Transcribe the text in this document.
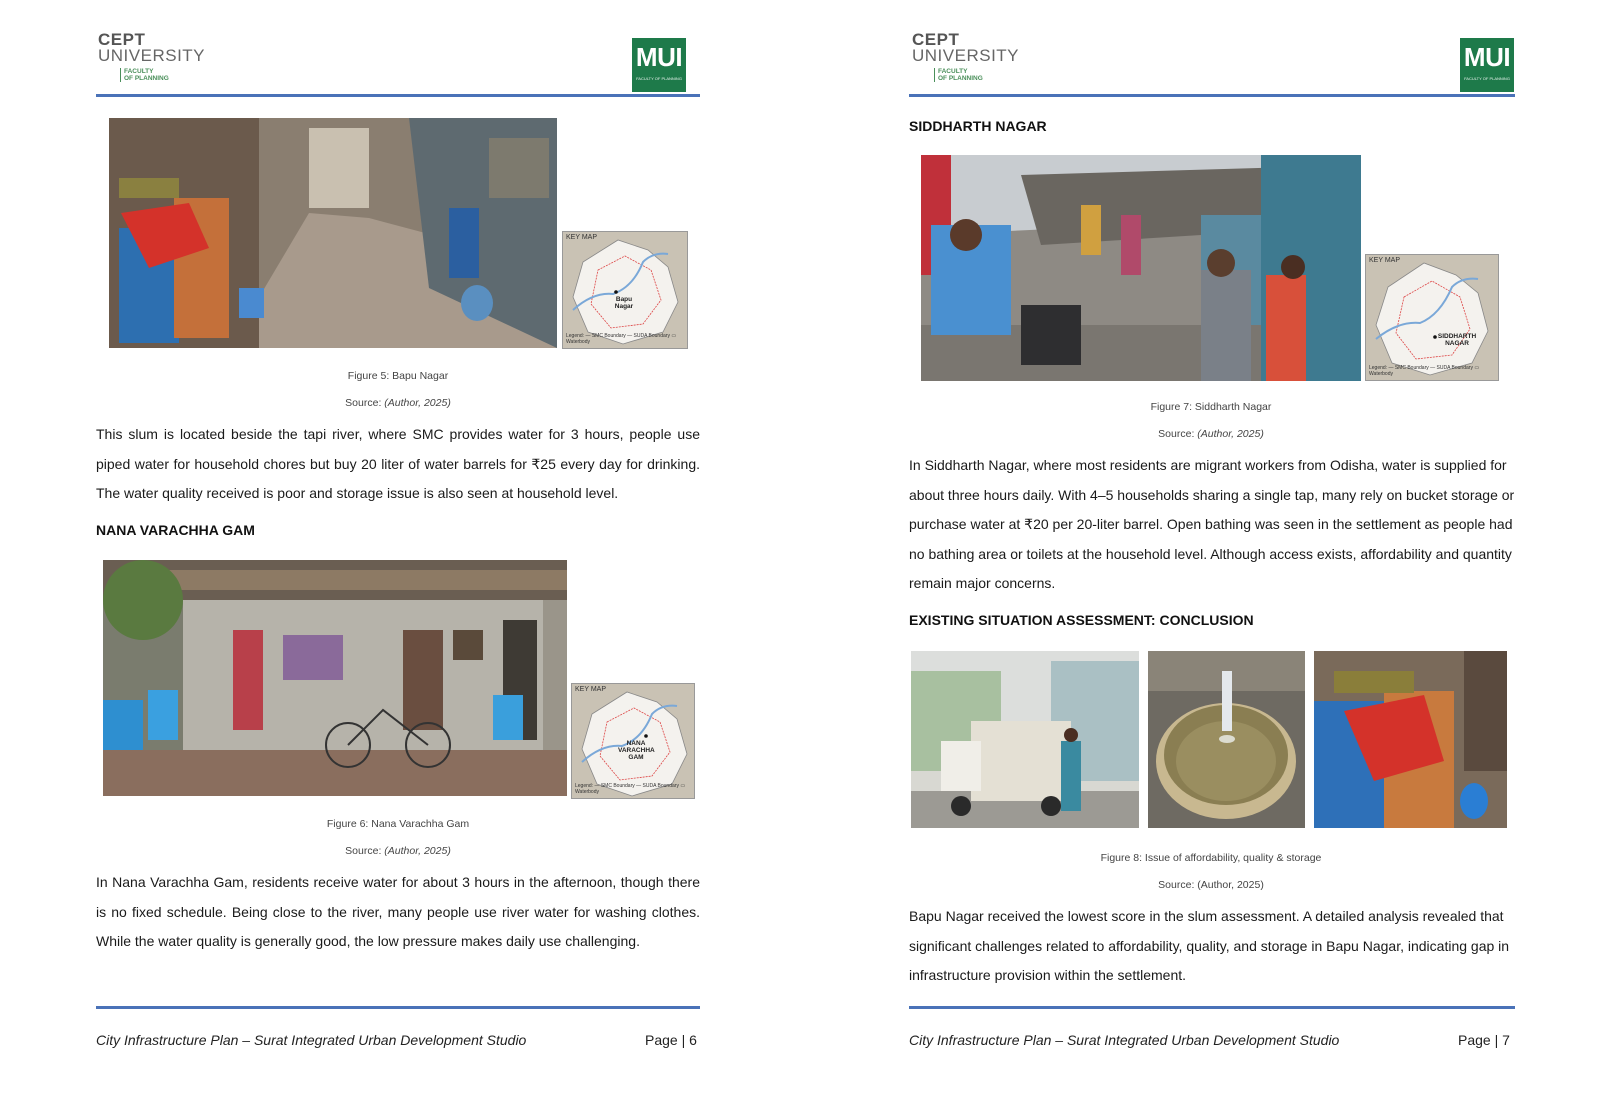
CEPT
UNIVERSITY
FACULTY
OF PLANNING
MUI
FACULTY OF PLANNING
KEY MAP
Bapu Nagar
Legend: — SMC Boundary — SUDA Boundary ▭ Waterbody
Figure 5: Bapu Nagar
Source: (Author, 2025)
This slum is located beside the tapi river, where SMC provides water for 3 hours, people use piped water for household chores but buy 20 liter of water barrels for ₹25 every day for drinking. The water quality received is poor and storage issue is also seen at household level.
NANA VARACHHA GAM
KEY MAP
NANA VARACHHA GAM
Legend: — SMC Boundary — SUDA Boundary ▭ Waterbody
Figure 6: Nana Varachha Gam
Source: (Author, 2025)
In Nana Varachha Gam, residents receive water for about 3 hours in the afternoon, though there is no fixed schedule. Being close to the river, many people use river water for washing clothes. While the water quality is generally good, the low pressure makes daily use challenging.
City Infrastructure Plan – Surat Integrated Urban Development Studio	Page | 6
CEPT
UNIVERSITY
FACULTY
OF PLANNING
MUI
FACULTY OF PLANNING
SIDDHARTH NAGAR
KEY MAP
SIDDHARTH NAGAR
Legend: — SMC Boundary — SUDA Boundary ▭ Waterbody
Figure 7: Siddharth Nagar
Source: (Author, 2025)
In Siddharth Nagar, where most residents are migrant workers from Odisha, water is supplied for about three hours daily. With 4–5 households sharing a single tap, many rely on bucket storage or purchase water at ₹20 per 20-liter barrel. Open bathing was seen in the settlement as people had no bathing area or toilets at the household level. Although access exists, affordability and quantity remain major concerns.
EXISTING SITUATION ASSESSMENT: CONCLUSION
Figure 8: Issue of affordability, quality & storage
Source: (Author, 2025)
Bapu Nagar received the lowest score in the slum assessment. A detailed analysis revealed that significant challenges related to affordability, quality, and storage in Bapu Nagar, indicating gap in infrastructure provision within the settlement.
City Infrastructure Plan – Surat Integrated Urban Development Studio	Page | 7
